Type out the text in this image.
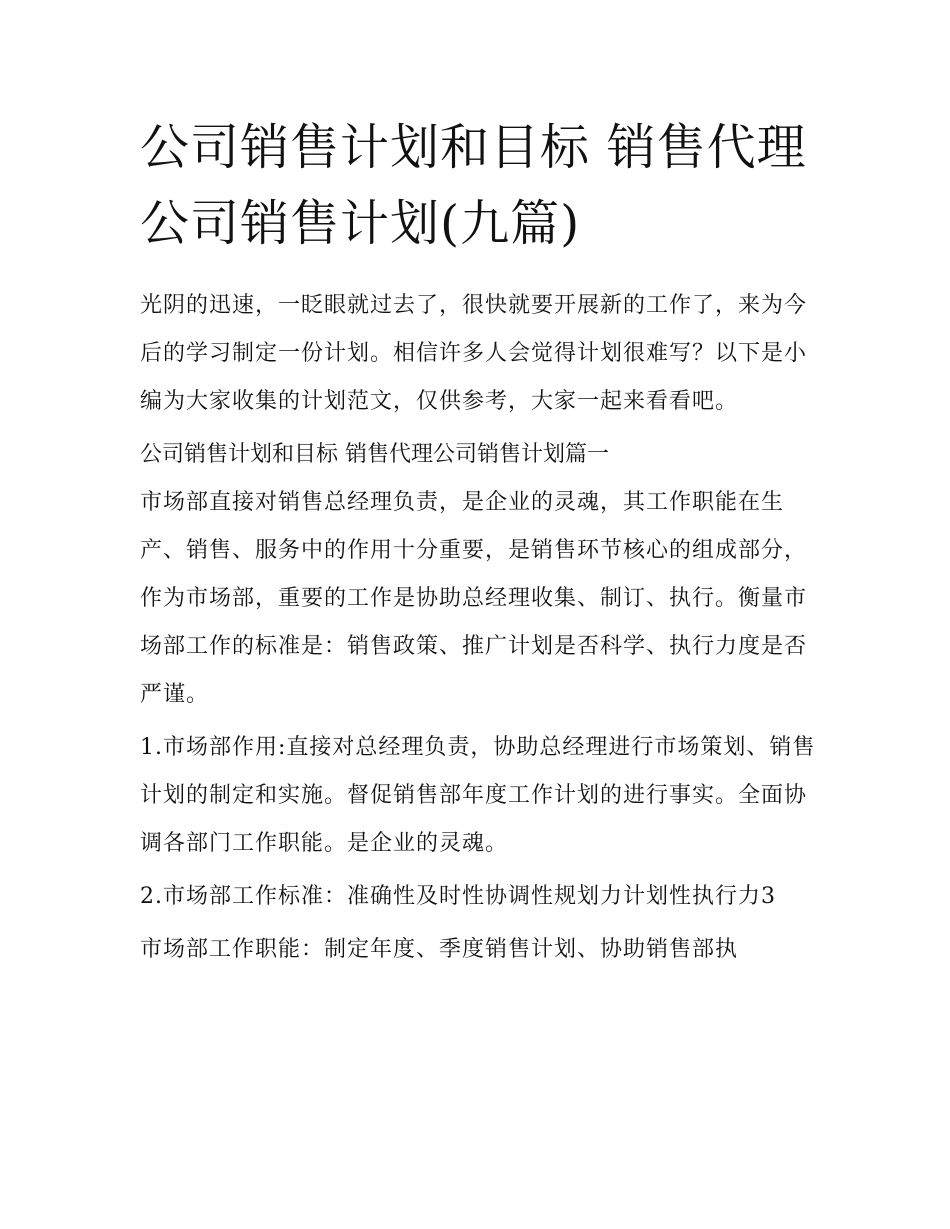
公司销售计划和目标 销售代理公司销售计划(九篇)

光阴的迅速，一眨眼就过去了，很快就要开展新的工作了，来为今后的学习制定一份计划。相信许多人会觉得计划很难写？以下是小编为大家收集的计划范文，仅供参考，大家一起来看看吧。

公司销售计划和目标 销售代理公司销售计划篇一

市场部直接对销售总经理负责，是企业的灵魂，其工作职能在生产、销售、服务中的作用十分重要，是销售环节核心的组成部分，作为市场部，重要的工作是协助总经理收集、制订、执行。衡量市场部工作的标准是：销售政策、推广计划是否科学、执行力度是否严谨。

1.市场部作用:直接对总经理负责，协助总经理进行市场策划、销售计划的制定和实施。督促销售部年度工作计划的进行事实。全面协调各部门工作职能。是企业的灵魂。

2.市场部工作标准：准确性及时性协调性规划力计划性执行力3

市场部工作职能：制定年度、季度销售计划、协助销售部执
